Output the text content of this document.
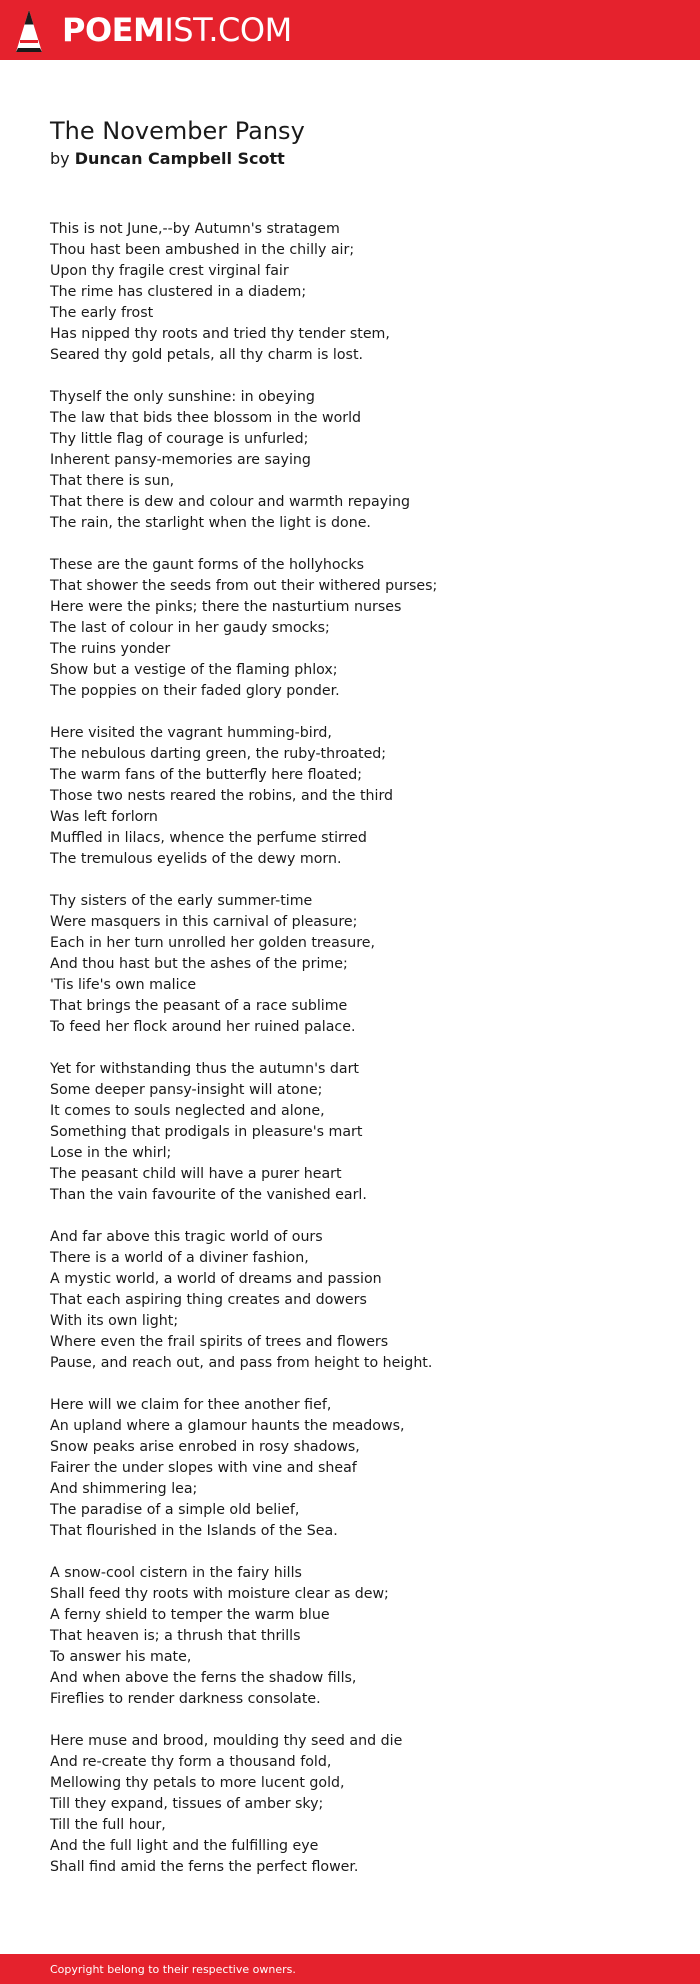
POEMIST.COM
The November Pansy
by Duncan Campbell Scott
This is not June,--by Autumn's stratagem
Thou hast been ambushed in the chilly air;
Upon thy fragile crest virginal fair
The rime has clustered in a diadem;
The early frost
Has nipped thy roots and tried thy tender stem,
Seared thy gold petals, all thy charm is lost.
Thyself the only sunshine: in obeying
The law that bids thee blossom in the world
Thy little flag of courage is unfurled;
Inherent pansy-memories are saying
That there is sun,
That there is dew and colour and warmth repaying
The rain, the starlight when the light is done.
These are the gaunt forms of the hollyhocks
That shower the seeds from out their withered purses;
Here were the pinks; there the nasturtium nurses
The last of colour in her gaudy smocks;
The ruins yonder
Show but a vestige of the flaming phlox;
The poppies on their faded glory ponder.
Here visited the vagrant humming-bird,
The nebulous darting green, the ruby-throated;
The warm fans of the butterfly here floated;
Those two nests reared the robins, and the third
Was left forlorn
Muffled in lilacs, whence the perfume stirred
The tremulous eyelids of the dewy morn.
Thy sisters of the early summer-time
Were masquers in this carnival of pleasure;
Each in her turn unrolled her golden treasure,
And thou hast but the ashes of the prime;
'Tis life's own malice
That brings the peasant of a race sublime
To feed her flock around her ruined palace.
Yet for withstanding thus the autumn's dart
Some deeper pansy-insight will atone;
It comes to souls neglected and alone,
Something that prodigals in pleasure's mart
Lose in the whirl;
The peasant child will have a purer heart
Than the vain favourite of the vanished earl.
And far above this tragic world of ours
There is a world of a diviner fashion,
A mystic world, a world of dreams and passion
That each aspiring thing creates and dowers
With its own light;
Where even the frail spirits of trees and flowers
Pause, and reach out, and pass from height to height.
Here will we claim for thee another fief,
An upland where a glamour haunts the meadows,
Snow peaks arise enrobed in rosy shadows,
Fairer the under slopes with vine and sheaf
And shimmering lea;
The paradise of a simple old belief,
That flourished in the Islands of the Sea.
A snow-cool cistern in the fairy hills
Shall feed thy roots with moisture clear as dew;
A ferny shield to temper the warm blue
That heaven is; a thrush that thrills
To answer his mate,
And when above the ferns the shadow fills,
Fireflies to render darkness consolate.
Here muse and brood, moulding thy seed and die
And re-create thy form a thousand fold,
Mellowing thy petals to more lucent gold,
Till they expand, tissues of amber sky;
Till the full hour,
And the full light and the fulfilling eye
Shall find amid the ferns the perfect flower.
Copyright belong to their respective owners.
